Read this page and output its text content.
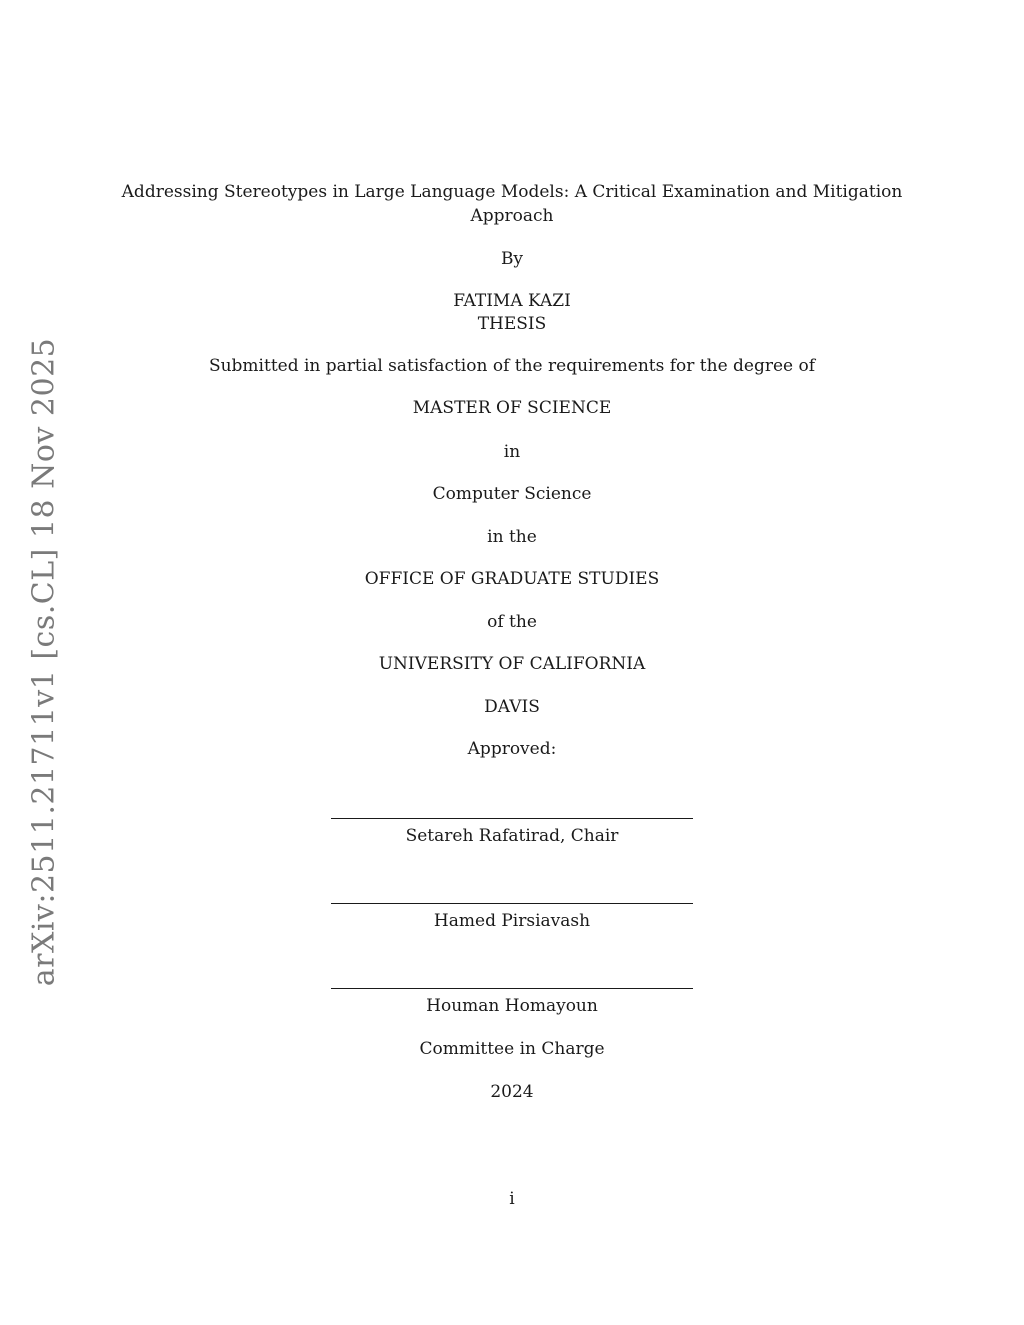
arXiv:2511.21711v1 [cs.CL] 18 Nov 2025
Addressing Stereotypes in Large Language Models: A Critical Examination and Mitigation
Approach
By
FATIMA KAZI
THESIS
Submitted in partial satisfaction of the requirements for the degree of
MASTER OF SCIENCE
in
Computer Science
in the
OFFICE OF GRADUATE STUDIES
of the
UNIVERSITY OF CALIFORNIA
DAVIS
Approved:
Setareh Rafatirad, Chair
Hamed Pirsiavash
Houman Homayoun
Committee in Charge
2024
i
